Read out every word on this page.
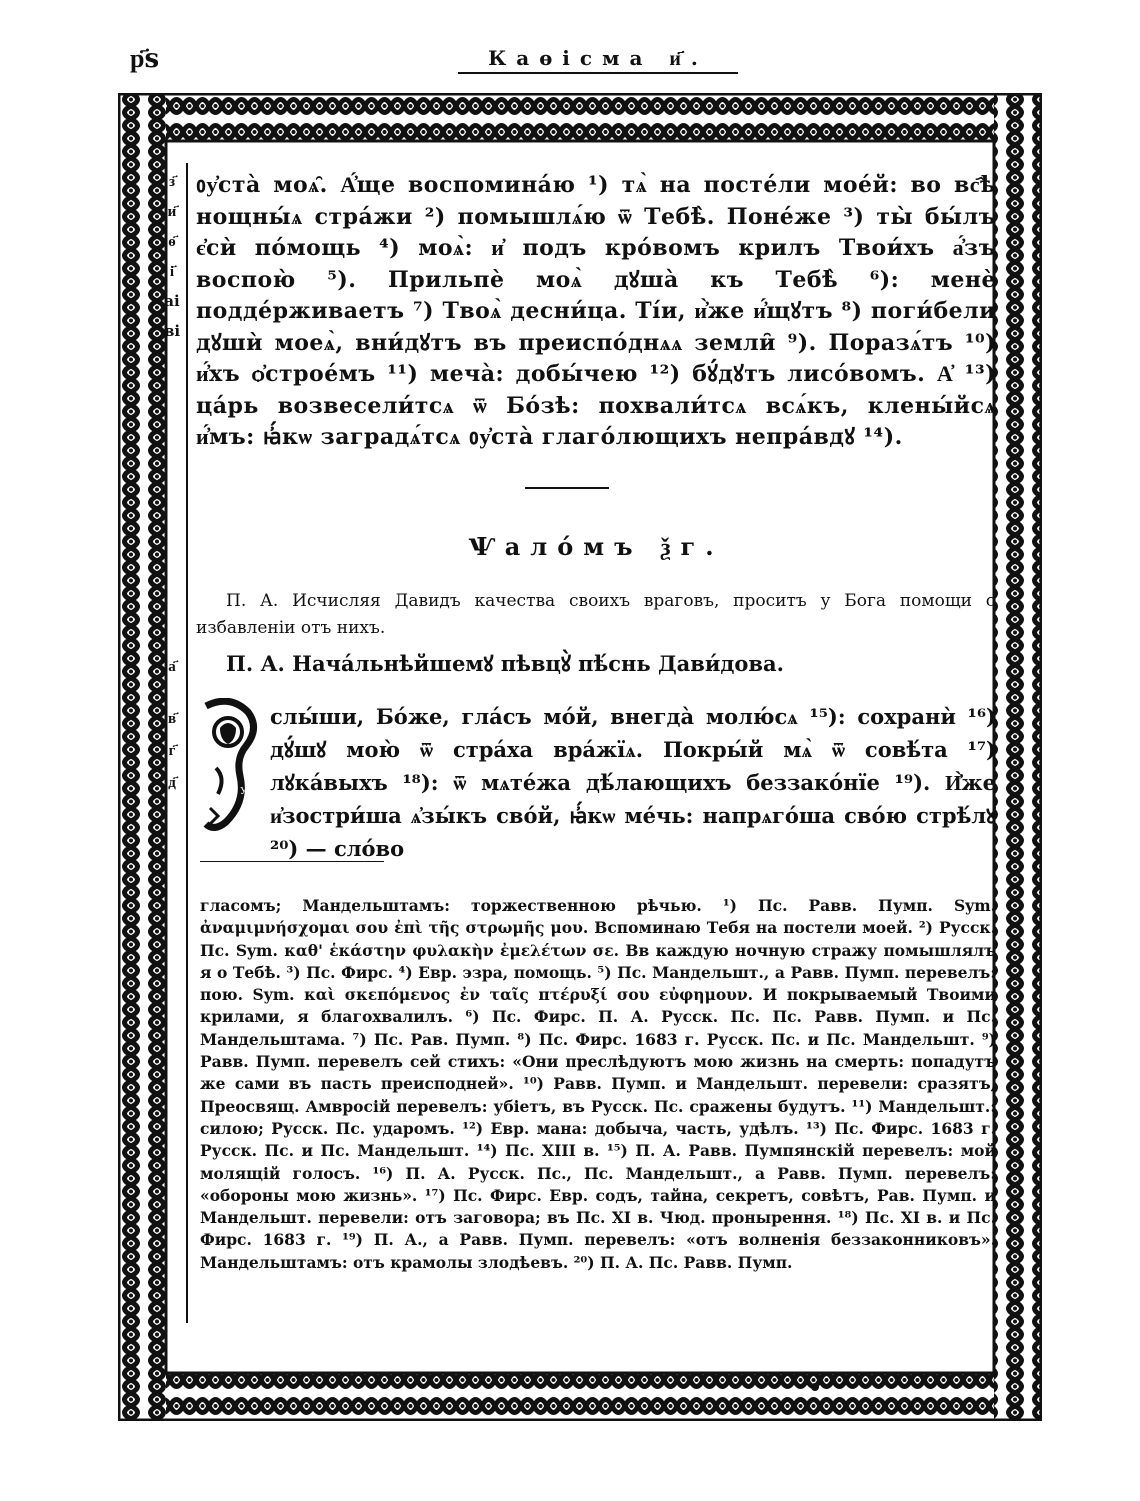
р҃s	Каѳісма и҃.
з҃
и҃
ѳ҃
і҃
аі
ві
ᲂу҆ста̀ моѧ̑. А҆́ще воспомина́ю ¹) тѧ̀ на посте́ли мое́й: во вс҄ѣ нощны́ѧ стра́жи ²) помышлѧ́ю ѿ Тебѣ̀. Поне́же ³) ты̀ бы́лъ є҆сѝ по́мощь ⁴) моѧ̀: и҆ подъ кро́вомъ крилъ Твои́хъ а҆́зъ воспою̀ ⁵). Прильпѐ моѧ̀ дꙋша̀ къ Тебѣ̀ ⁶): менѐ подде́рживаетъ ⁷) Твоѧ̀ десни́ца. Ті́и, и҆̀же и҆́щꙋтъ ⁸) поги́бели дꙋшѝ моеѧ̀, вни́дꙋтъ въ преиспо́днѧѧ земли̑ ⁹). Поразѧ́тъ ¹⁰) и҆́хъ ѻ҆строе́мъ ¹¹) меча̀: добы́чею ¹²) бꙋ́дꙋтъ лисо́вомъ. А҆ ¹³) ца́рь возвесели́тсѧ ѿ Бо́зѣ: похвали́тсѧ всѧ́къ, клены́йсѧ и҆́мъ: ꙗ҆́кѡ заградѧ́тсѧ ᲂу҆ста̀ глаго́лющихъ непра́вдꙋ ¹⁴).
Ѱало́мъ ѯг.
П. А. Исчисляя Давидъ качества своихъ враговъ, проситъ у Бога помощи о избавленіи отъ нихъ.
а҃
в҃
г҃
д҃
П. А. Нача́льнѣйшемꙋ пѣвцꙋ̀ пѣ́снь Дави́дова.
У҆
слы́ши, Бо́же, гла́съ мо́й, внегда̀ молю́сѧ ¹⁵): сохранѝ ¹⁶) дꙋ́шꙋ мою̀ ѿ стра́ха вра́жїѧ. Покры́й мѧ̀ ѿ совѣ́та ¹⁷) лꙋка́выхъ ¹⁸): ѿ мѧте́жа дѣ́лающихъ беззако́нїе ¹⁹). И҆̀же и҆зостри́ша ѧ҆зы́къ сво́й, ꙗ҆́кѡ ме́чь: напрѧго́ша сво́ю стрѣ́лꙋ ²⁰) — сло́во
гласомъ; Мандельштамъ: торжественною рѣчью. ¹) Пс. Равв. Пумп. Sym. ἀναμιμνήσχομαι σου ἐπὶ τῆς στρωμῆς μου. Вспоминаю Тебя на постели моей. ²) Русск. Пс. Sym. καθ' ἑκάστην φυλακὴν ἐμελέτων σε. Вв каждую ночную стражу помышлялъ я о Тебѣ. ³) Пс. Фирс. ⁴) Евр. эзра, помощь. ⁵) Пс. Мандельшт., а Равв. Пумп. перевелъ: пою. Sym. καὶ σκεπόμενος ἐν ταῖς πτέρυξί σου εὐφημουν. И покрываемый Твоими крилами, я благохвалилъ. ⁶) Пс. Фирс. П. А. Русск. Пс. Пс. Равв. Пумп. и Пс. Мандельштама. ⁷) Пс. Рав. Пумп. ⁸) Пс. Фирс. 1683 г. Русск. Пс. и Пс. Мандельшт. ⁹) Равв. Пумп. перевелъ сей стихъ: «Они преслѣдуютъ мою жизнь на смерть: попадутъ же сами въ пасть преисподней». ¹⁰) Равв. Пумп. и Мандельшт. перевели: сразятъ, Преосвящ. Амвросій перевелъ: убіетъ, въ Русск. Пс. сражены будутъ. ¹¹) Мандельшт.: силою; Русск. Пс. ударомъ. ¹²) Евр. мана: добыча, часть, удѣлъ. ¹³) Пс. Фирс. 1683 г. Русск. Пс. и Пс. Мандельшт. ¹⁴) Пс. XIII в. ¹⁵) П. А. Равв. Пумпянскій перевелъ: мой молящій голосъ. ¹⁶) П. А. Русск. Пс., Пс. Мандельшт., а Равв. Пумп. перевелъ: «обороны мою жизнь». ¹⁷) Пс. Фирс. Евр. содъ, тайна, секретъ, совѣтъ, Рав. Пумп. и Мандельшт. перевели: отъ заговора; въ Пс. XI в. Чюд. пронырення. ¹⁸) Пс. XI в. и Пс. Фирс. 1683 г. ¹⁹) П. А., а Равв. Пумп. перевелъ: «отъ волненія беззаконниковъ». Мандельштамъ: отъ крамолы злодѣевъ. ²⁰) П. А. Пс. Равв. Пумп.
